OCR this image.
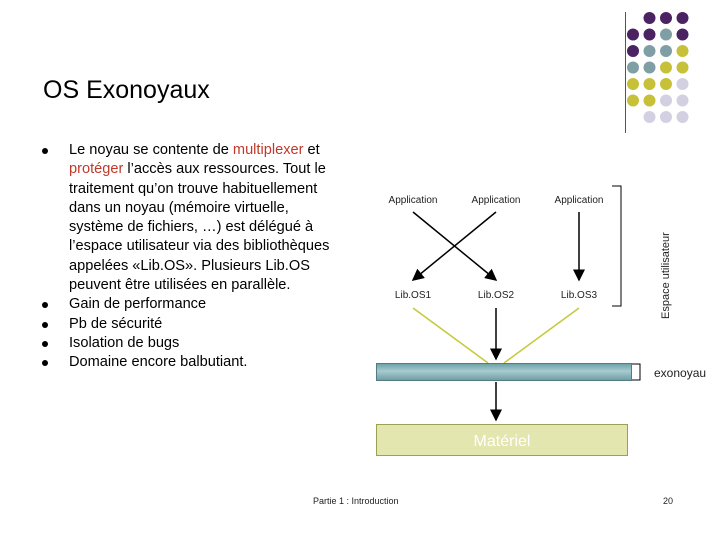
OS Exonoyaux
Le noyau se contente de multiplexer et protéger l’accès aux ressources. Tout le traitement qu’on trouve habituellement dans un noyau (mémoire virtuelle, système de fichiers, …) est délégué à l’espace utilisateur via des bibliothèques appelées «Lib.OS». Plusieurs Lib.OS peuvent être utilisées en parallèle.
Gain de performance
Pb de sécurité
Isolation de bugs
Domaine encore balbutiant.
Application	Application	Application
Lib.OS1	Lib.OS2	Lib.OS3
Matériel
Espace utilisateur
exonoyau
Partie 1 : Introduction	20
